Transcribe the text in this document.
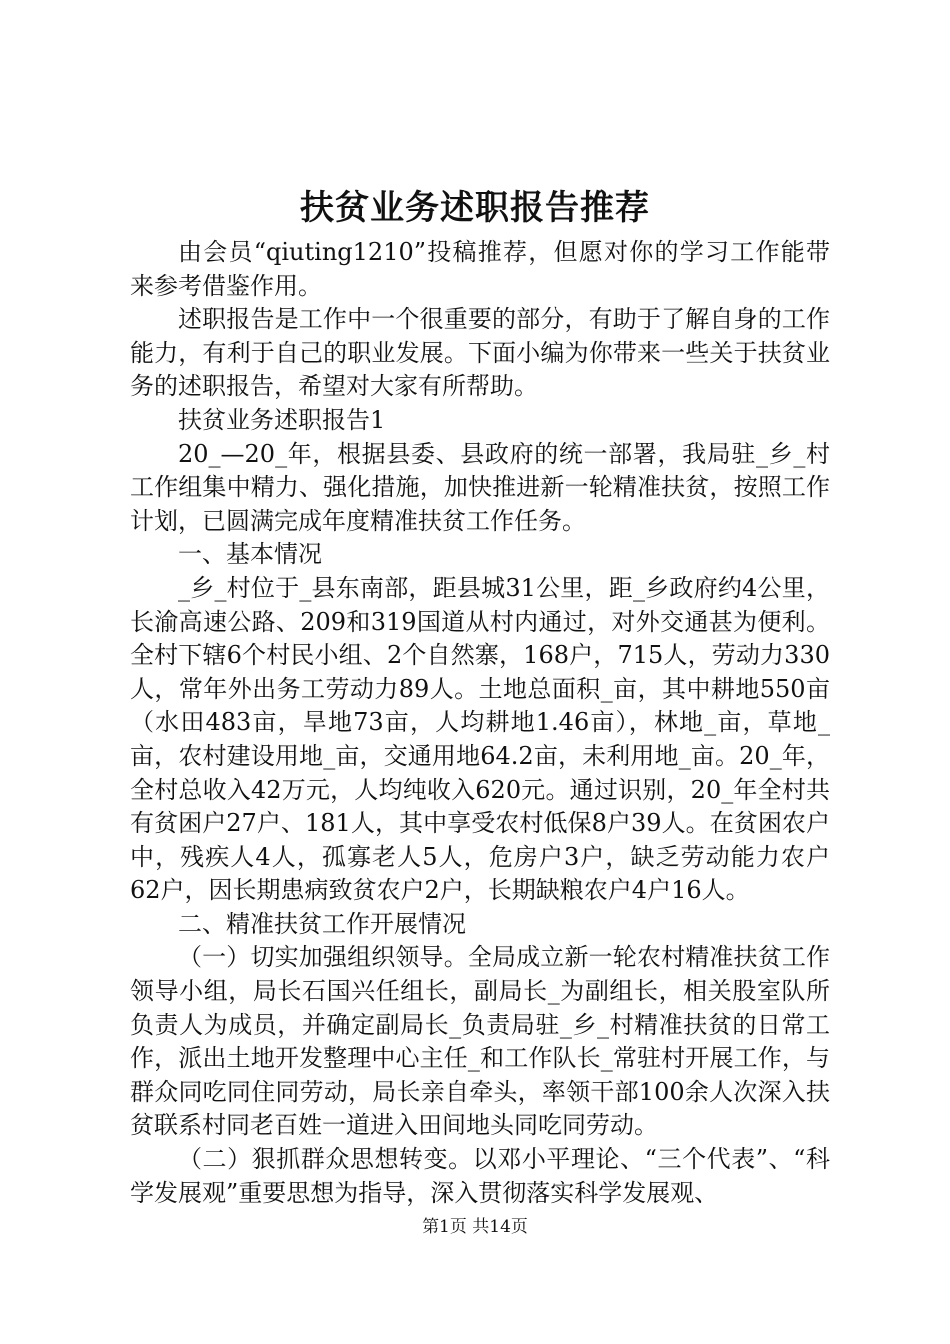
扶贫业务述职报告推荐

由会员“qiuting1210”投稿推荐，但愿对你的学习工作能带来参考借鉴作用。

述职报告是工作中一个很重要的部分，有助于了解自身的工作能力，有利于自己的职业发展。下面小编为你带来一些关于扶贫业务的述职报告，希望对大家有所帮助。

扶贫业务述职报告1

20_—20_年，根据县委、县政府的统一部署，我局驻_乡_村工作组集中精力、强化措施，加快推进新一轮精准扶贫，按照工作计划，已圆满完成年度精准扶贫工作任务。

一、基本情况

_乡_村位于_县东南部，距县城31公里，距_乡政府约4公里，长渝高速公路、209和319国道从村内通过，对外交通甚为便利。全村下辖6个村民小组、2个自然寨，168户，715人，劳动力330人，常年外出务工劳动力89人。土地总面积_亩，其中耕地550亩（水田483亩，旱地73亩，人均耕地1.46亩），林地_亩，草地_亩，农村建设用地_亩，交通用地64.2亩，未利用地_亩。20_年，全村总收入42万元，人均纯收入620元。通过识别，20_年全村共有贫困户27户、181人，其中享受农村低保8户39人。在贫困农户中，残疾人4人，孤寡老人5人，危房户3户，缺乏劳动能力农户62户，因长期患病致贫农户2户，长期缺粮农户4户16人。

二、精准扶贫工作开展情况

（一）切实加强组织领导。全局成立新一轮农村精准扶贫工作领导小组，局长石国兴任组长，副局长_为副组长，相关股室队所负责人为成员，并确定副局长_负责局驻_乡_村精准扶贫的日常工作，派出土地开发整理中心主任_和工作队长_常驻村开展工作，与群众同吃同住同劳动，局长亲自牵头，率领干部100余人次深入扶贫联系村同老百姓一道进入田间地头同吃同劳动。

（二）狠抓群众思想转变。以邓小平理论、“三个代表”、“科学发展观”重要思想为指导，深入贯彻落实科学发展观、

第1页 共14页
